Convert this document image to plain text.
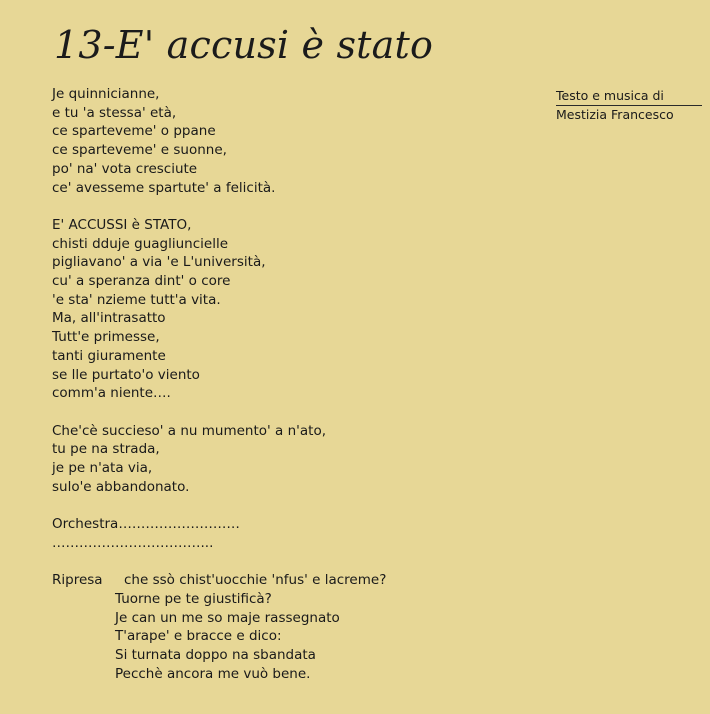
13-E' accusi è stato
Testo e musica di
Mestizia Francesco
Je quinnicianne,
e tu 'a stessa' età,
ce sparteveme' o ppane
ce sparteveme' e suonne,
po' na' vota cresciute
ce' avesseme spartute' a felicità.
E' ACCUSSI è STATO,
chisti dduje guagliuncielle
pigliavano' a via 'e L'università,
cu' a speranza dint' o core
'e sta' nzieme tutt'a vita.
Ma, all'intrasatto
Tutt'e primesse,
tanti giuramente
se lle purtato'o viento
comm'a niente….
Che'cè succieso' a nu mumento' a n'ato,
tu pe na strada,
je pe n'ata via,
sulo'e abbandonato.
Orchestra………………………
……………………………...
Ripresa	che ssò chist'uocchie 'nfus' e lacreme?
Tuorne pe te giustificà?
Je can un me so maje rassegnato
T'arape' e bracce e dico:
Si turnata doppo na sbandata
Pecchè ancora me vuò bene.
